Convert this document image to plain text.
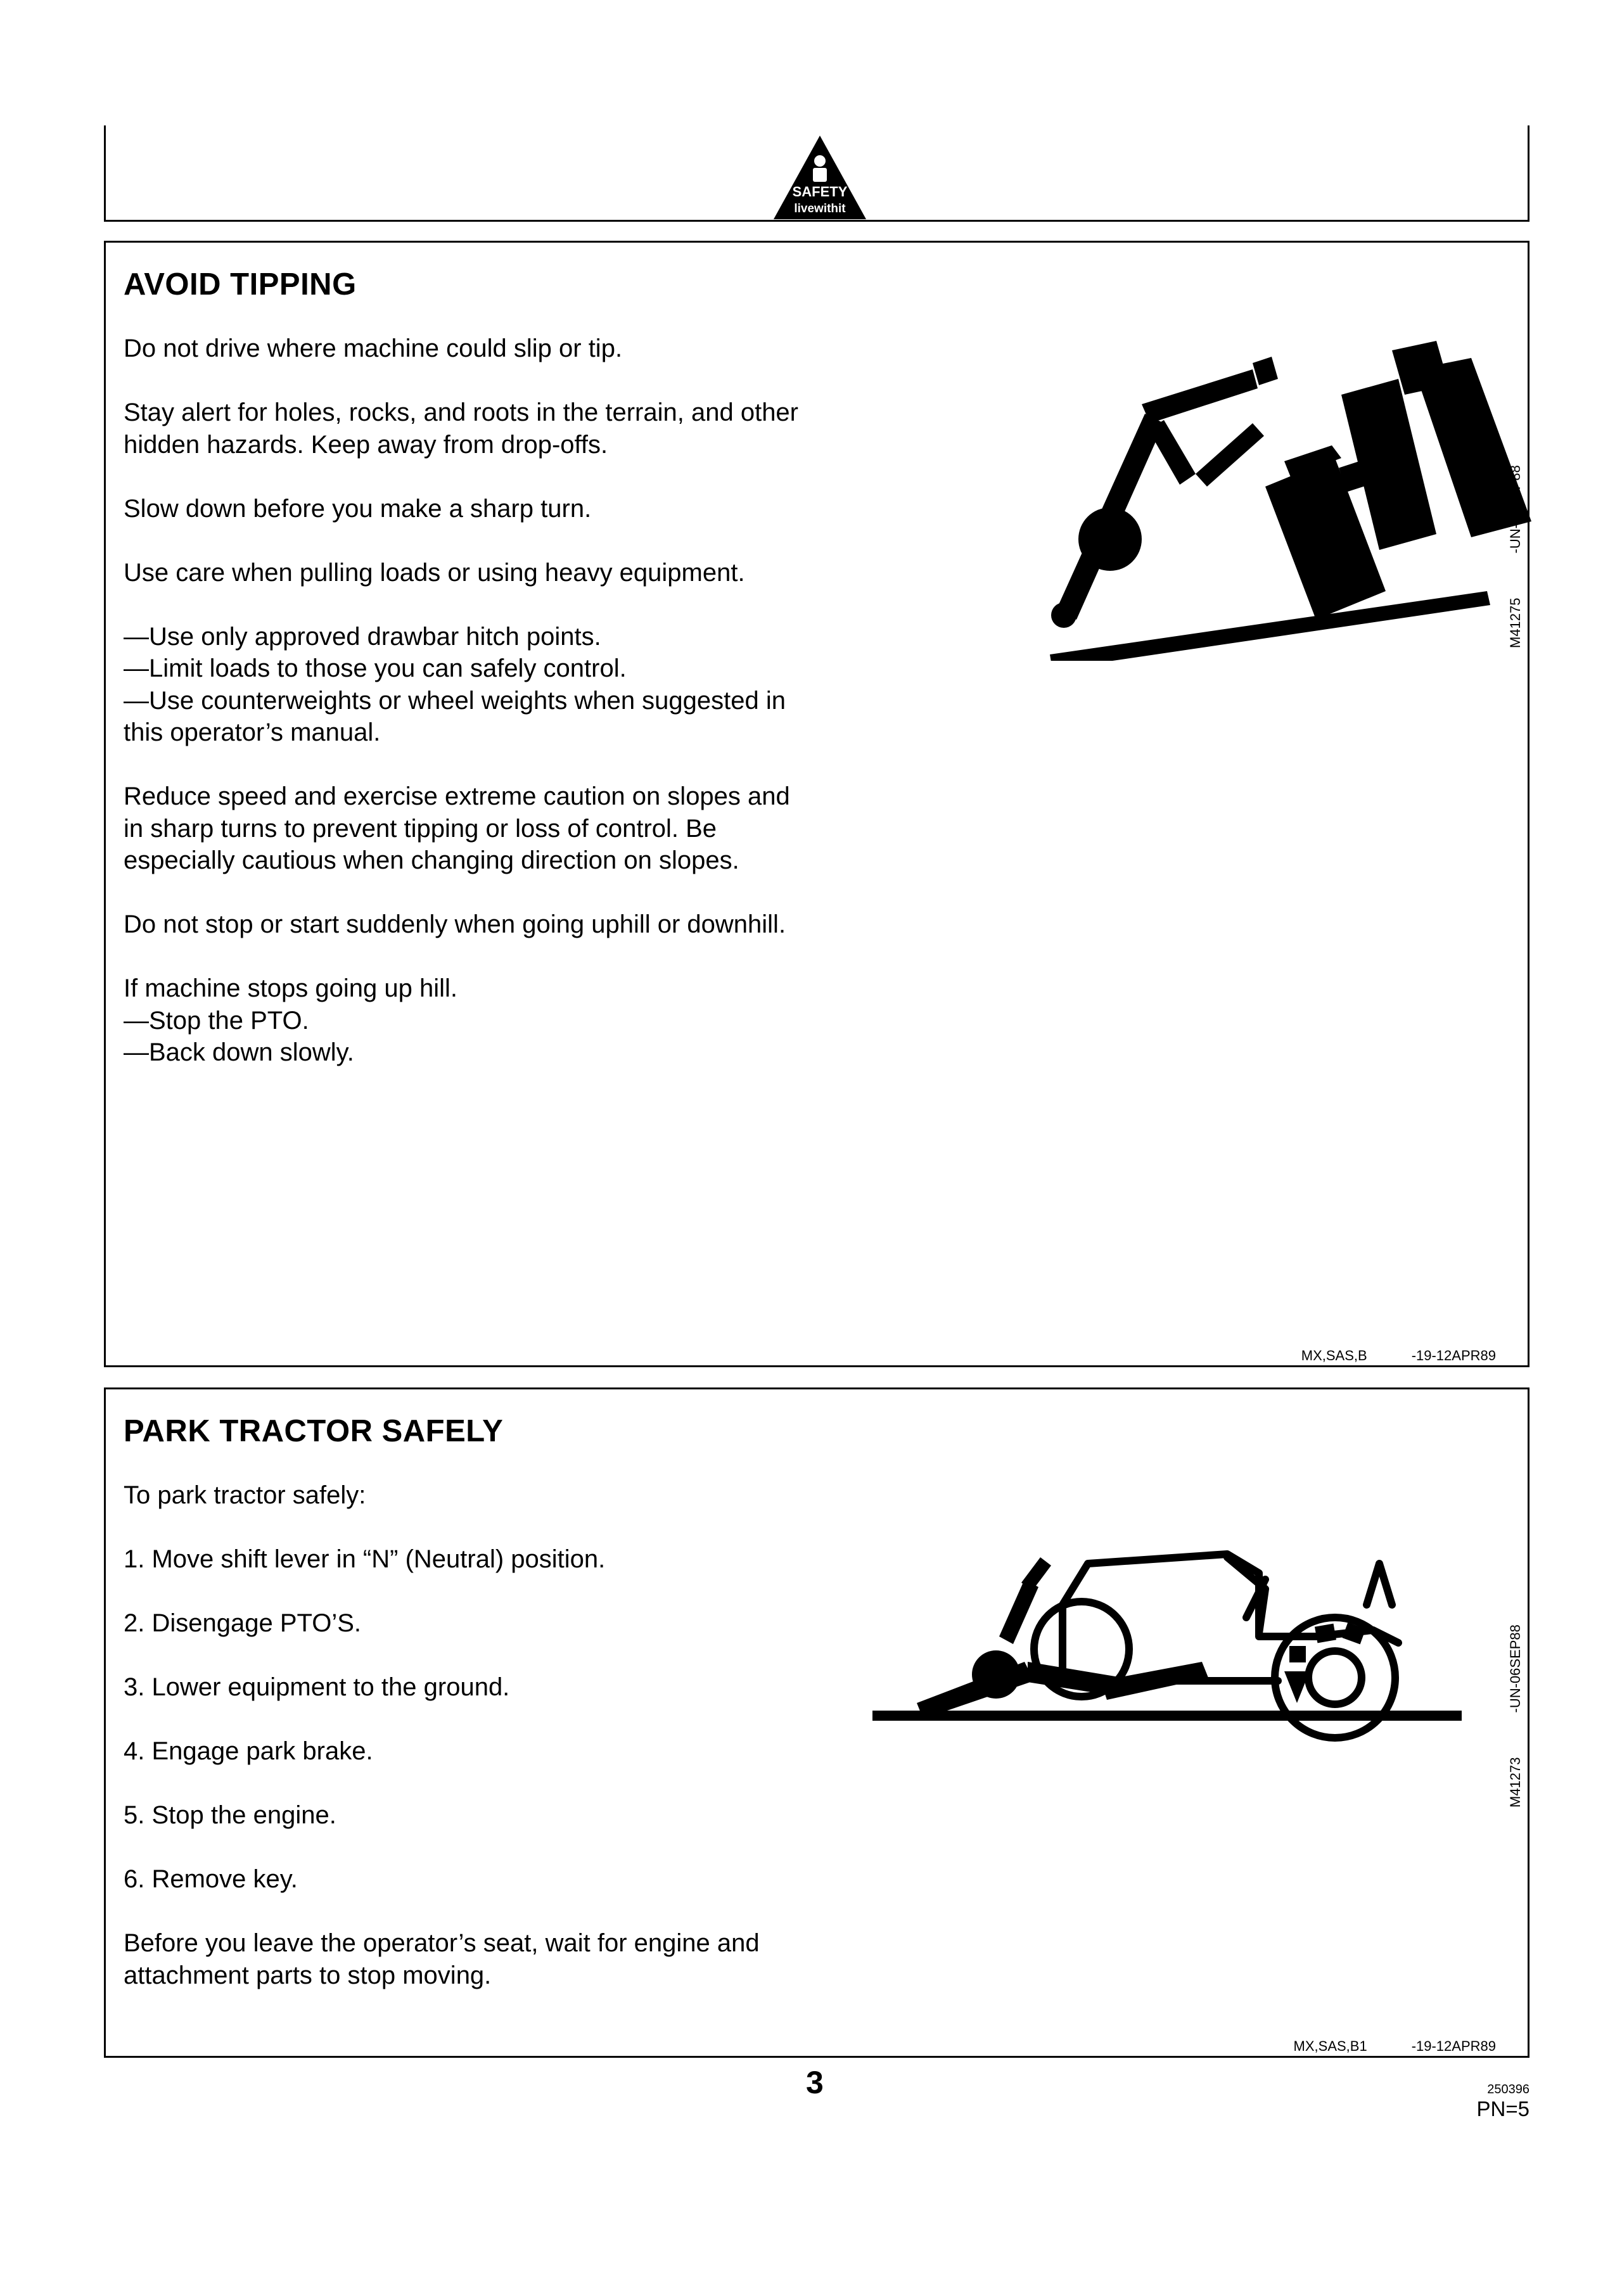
SAFETY
livewithit
AVOID TIPPING

Do not drive where machine could slip or tip.

Stay alert for holes, rocks, and roots in the terrain, and other hidden hazards. Keep away from drop-offs.

Slow down before you make a sharp turn.

Use care when pulling loads or using heavy equipment.

—Use only approved drawbar hitch points.

—Limit loads to those you can safely control.

—Use counterweights or wheel weights when suggested in this operator’s manual.

Reduce speed and exercise extreme caution on slopes and in sharp turns to prevent tipping or loss of control. Be especially cautious when changing direction on slopes.

Do not stop or start suddenly when going uphill or downhill.

If machine stops going up hill.

—Stop the PTO.

—Back down slowly.

M41275-UN-06SEP88
MX,SAS,B	-19-12APR89
PARK TRACTOR SAFELY

To park tractor safely:

1. Move shift lever in “N” (Neutral) position.

2. Disengage PTO’S.

3. Lower equipment to the ground.

4. Engage park brake.

5. Stop the engine.

6. Remove key.

Before you leave the operator’s seat, wait for engine and attachment parts to stop moving.

M41273-UN-06SEP88
MX,SAS,B1	-19-12APR89
3	250396
PN=5
